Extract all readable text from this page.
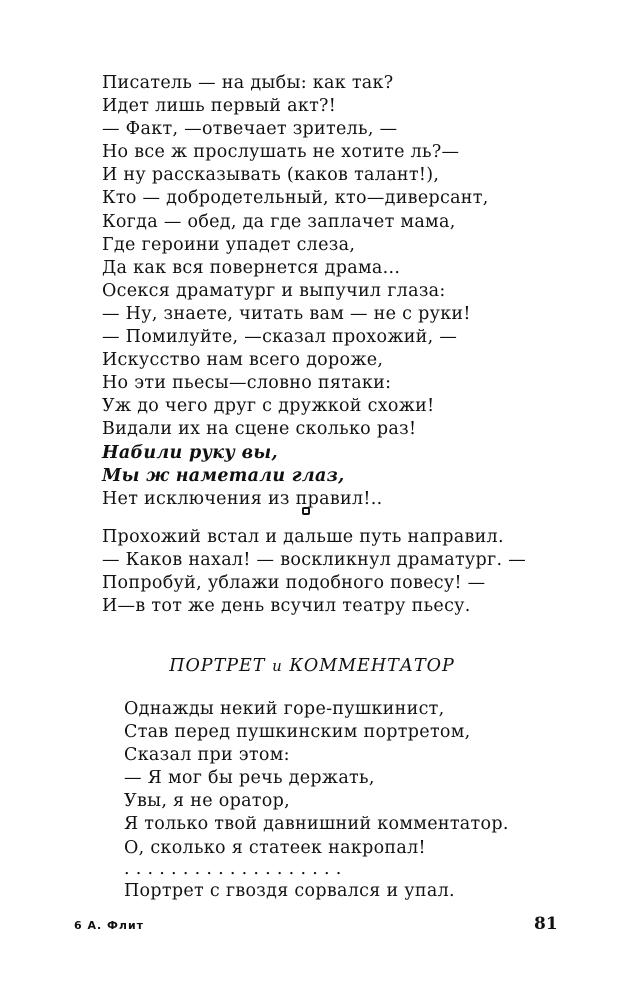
Писатель — на дыбы: как так?
Идет лишь первый акт?!
— Факт, —отвечает зритель, —
Но все ж прослушать не хотите ль?—
И ну рассказывать (каков талант!),
Кто — добродетельный, кто—диверсант,
Когда — обед, да где заплачет мама,
Где героини упадет слеза,
Да как вся повернется драма...
Осекся драматург и выпучил глаза:
— Ну, знаете, читать вам — не с руки!
— Помилуйте, —сказал прохожий, —
Искусство нам всего дороже,
Но эти пьесы—словно пятаки:
Уж до чего друг с дружкой схожи!
Видали их на сцене сколько раз!
Набили руку вы,
Мы ж наметали глаз,
Нет исключения из правил!..
Прохожий встал и дальше путь направил.
— Каков нахал! — воскликнул драматург. —
Попробуй, ублажи подобного повесу! —
И—в тот же день всучил театру пьесу.
ПОРТРЕТ и КОММЕНТАТОР
Однажды некий горе-пушкинист,
Став перед пушкинским портретом,
Сказал при этом:
— Я мог бы речь держать,
Увы, я не оратор,
Я только твой давнишний комментатор.
О, сколько я статеек накропал!
...................
Портрет с гвоздя сорвался и упал.
6 А. Флит	81
